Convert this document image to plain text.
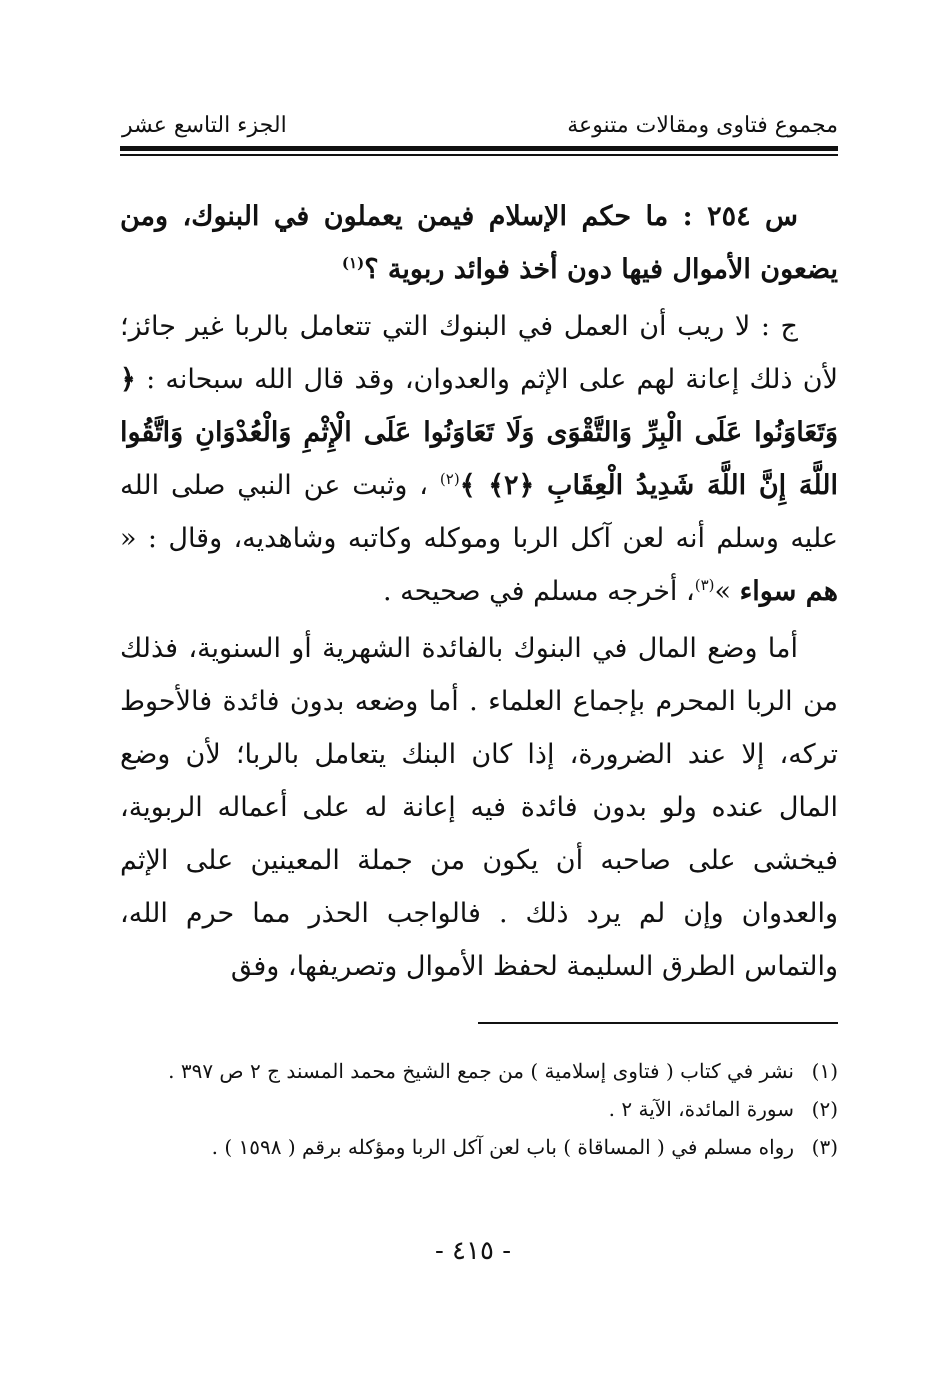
مجموع فتاوى ومقالات متنوعة
الجزء التاسع عشر

س ٢٥٤ : ما حكم الإسلام فيمن يعملون في البنوك، ومن يضعون الأموال فيها دون أخذ فوائد ربوية ؟$^{(١)}$

ج : لا ريب أن العمل في البنوك التي تتعامل بالربا غير جائز؛ لأن ذلك إعانة لهم على الإثم والعدوان، وقد قال الله سبحانه : ﴿ وَتَعَاوَنُوا عَلَى الْبِرِّ وَالتَّقْوَى وَلَا تَعَاوَنُوا عَلَى الْإِثْمِ وَالْعُدْوَانِ وَاتَّقُوا اللَّهَ إِنَّ اللَّهَ شَدِيدُ الْعِقَابِ ﴿٢﴾ ﴾$^{(٢)}$ ، وثبت عن النبي صلى الله عليه وسلم أنه لعن آكل الربا وموكله وكاتبه وشاهديه، وقال : « هم سواء »$^{(٣)}$، أخرجه مسلم في صحيحه .

أما وضع المال في البنوك بالفائدة الشهرية أو السنوية، فذلك من الربا المحرم بإجماع العلماء . أما وضعه بدون فائدة فالأحوط تركه، إلا عند الضرورة، إذا كان البنك يتعامل بالربا؛ لأن وضع المال عنده ولو بدون فائدة فيه إعانة له على أعماله الربوية، فيخشى على صاحبه أن يكون من جملة المعينين على الإثم والعدوان وإن لم يرد ذلك . فالواجب الحذر مما حرم الله، والتماس الطرق السليمة لحفظ الأموال وتصريفها، وفق

(١)
نشر في كتاب ( فتاوى إسلامية ) من جمع الشيخ محمد المسند ج ٢ ص ٣٩٧ .
(٢)
سورة المائدة، الآية ٢ .
(٣)
رواه مسلم في ( المساقاة ) باب لعن آكل الربا ومؤكله برقم ( ١٥٩٨ ) .
- ٤١٥ -
